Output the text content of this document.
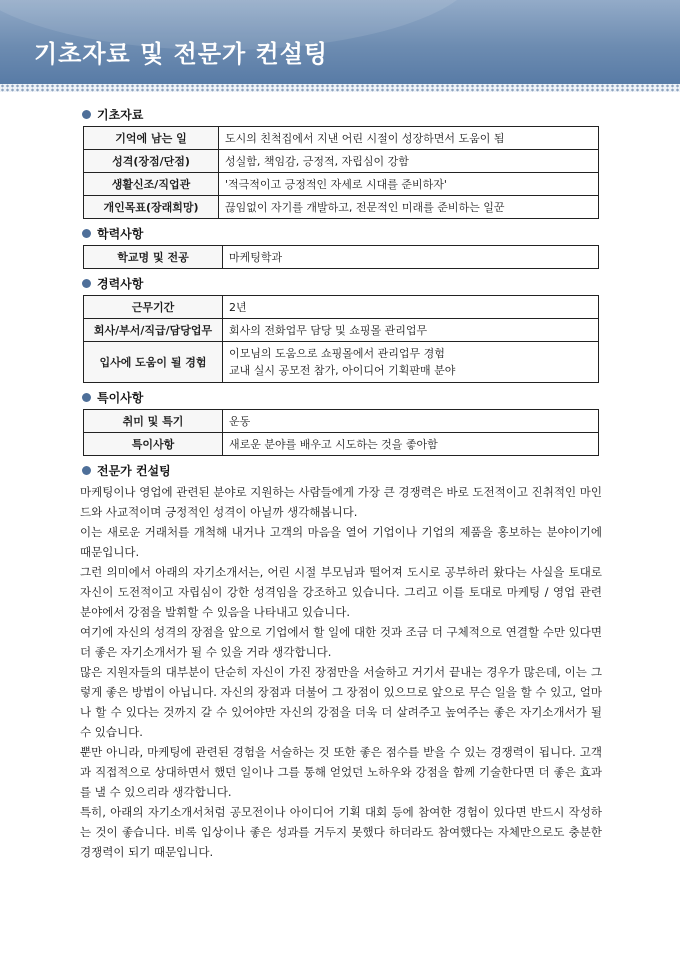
기초자료 및 전문가 컨설팅
기초자료
기억에 남는 일	도시의 친척집에서 지낸 어린 시절이 성장하면서 도움이 됨
성격(장점/단점)	성실함, 책임감, 긍정적, 자립심이 강함
생활신조/직업관	'적극적이고 긍정적인 자세로 시대를 준비하자'
개인목표(장래희망)	끊임없이 자기를 개발하고, 전문적인 미래를 준비하는 일꾼
학력사항
학교명 및 전공	마케팅학과
경력사항
근무기간	2년
회사/부서/직급/담당업무	회사의 전화업무 담당 및 쇼핑몰 관리업무
입사에 도움이 될 경험	이모님의 도움으로 쇼핑몰에서 관리업무 경험
교내 실시 공모전 참가, 아이디어 기획판매 분야
특이사항
취미 및 특기	운동
특이사항	새로운 분야를 배우고 시도하는 것을 좋아함
전문가 컨설팅

마케팅이나 영업에 관련된 분야로 지원하는 사람들에게 가장 큰 경쟁력은 바로 도전적이고 진취적인 마인드와 사교적이며 긍정적인 성격이 아닐까 생각해봅니다.

이는 새로운 거래처를 개척해 내거나 고객의 마음을 열어 기업이나 기업의 제품을 홍보하는 분야이기에 때문입니다.

그런 의미에서 아래의 자기소개서는, 어린 시절 부모님과 떨어져 도시로 공부하러 왔다는 사실을 토대로 자신이 도전적이고 자립심이 강한 성격임을 강조하고 있습니다. 그리고 이를 토대로 마케팅 / 영업 관련 분야에서 강점을 발휘할 수 있음을 나타내고 있습니다.

여기에 자신의 성격의 장점을 앞으로 기업에서 할 일에 대한 것과 조금 더 구체적으로 연결할 수만 있다면 더 좋은 자기소개서가 될 수 있을 거라 생각합니다.

많은 지원자들의 대부분이 단순히 자신이 가진 장점만을 서술하고 거기서 끝내는 경우가 많은데, 이는 그렇게 좋은 방법이 아닙니다. 자신의 장점과 더불어 그 장점이 있으므로 앞으로 무슨 일을 할 수 있고, 얼마나 할 수 있다는 것까지 갈 수 있어야만 자신의 강점을 더욱 더 살려주고 높여주는 좋은 자기소개서가 될 수 있습니다.

뿐만 아니라, 마케팅에 관련된 경험을 서술하는 것 또한 좋은 점수를 받을 수 있는 경쟁력이 됩니다. 고객과 직접적으로 상대하면서 했던 일이나 그를 통해 얻었던 노하우와 강점을 함께 기술한다면 더 좋은 효과를 낼 수 있으리라 생각합니다.

특히, 아래의 자기소개서처럼 공모전이나 아이디어 기획 대회 등에 참여한 경험이 있다면 반드시 작성하는 것이 좋습니다. 비록 입상이나 좋은 성과를 거두지 못했다 하더라도 참여했다는 자체만으로도 충분한 경쟁력이 되기 때문입니다.
